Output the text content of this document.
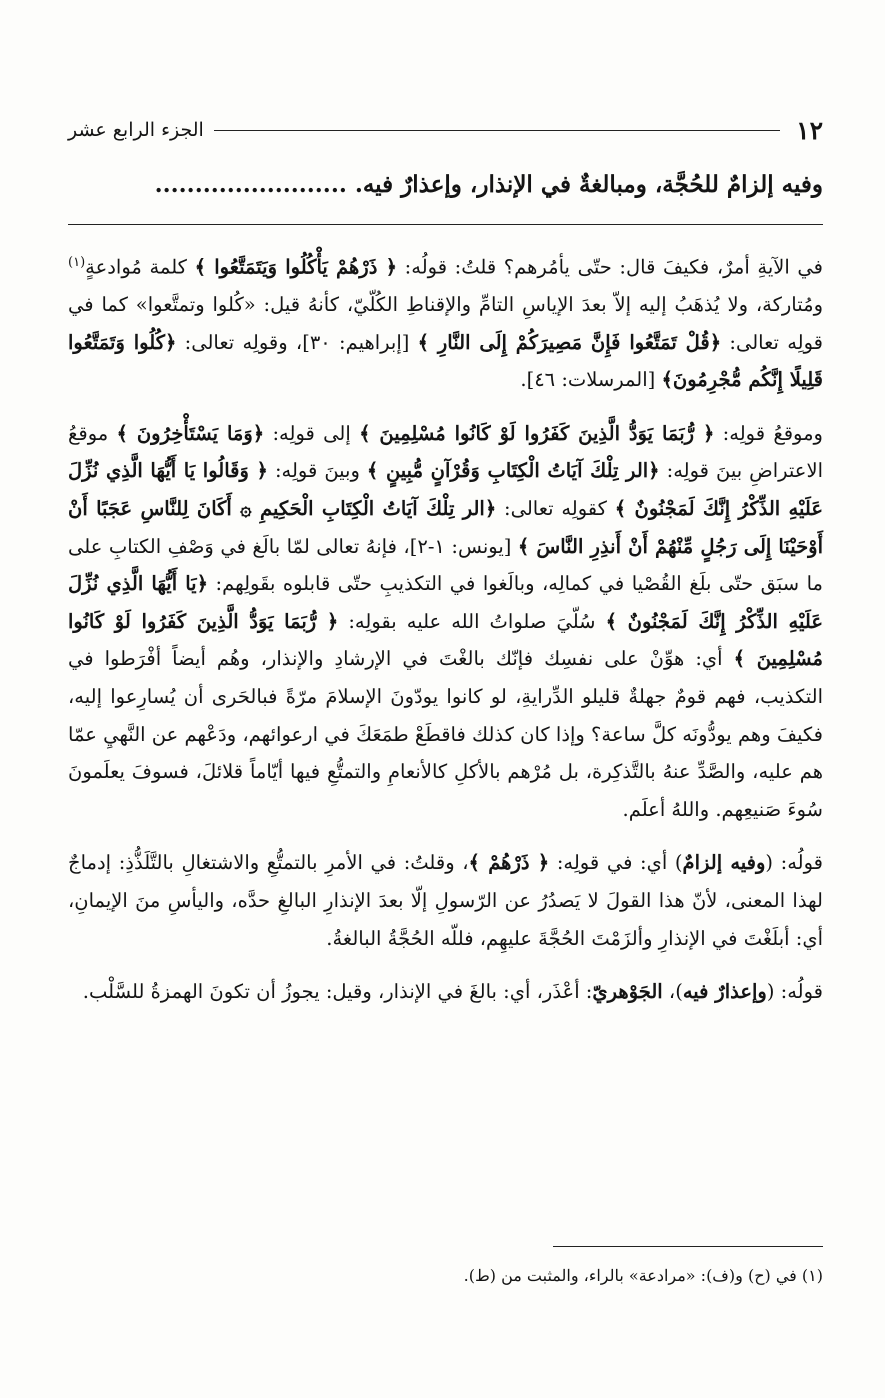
١٢
الجزء الرابع عشر
وفيه إلزامٌ للحُجَّة، ومبالغةٌ في الإنذار، وإعذارٌ فيه. ........................

في الآيةِ أمرٌ، فكيفَ قال: حتّى يأمُرهم؟ قلتُ: قولُه: ﴿ ذَرْهُمْ يَأْكُلُوا وَيَتَمَتَّعُوا ﴾ كلمة مُوادعةٍ$^{(١)}$ ومُتاركة، ولا يُذهَبُ إليه إلاّ بعدَ الإياسِ التامِّ والإقناطِ الكُلّيّ، كأنهُ قيل: «كُلوا وتمتَّعوا» كما في قولِه تعالى: ﴿قُلْ تَمَتَّعُوا فَإِنَّ مَصِيرَكُمْ إِلَى النَّارِ ﴾ [إبراهيم: ٣٠]، وقولِه تعالى: ﴿كُلُوا وَتَمَتَّعُوا قَلِيلًا إِنَّكُم مُّجْرِمُونَ﴾ [المرسلات: ٤٦].

وموقعُ قولِه: ﴿ رُّبَمَا يَوَدُّ الَّذِينَ كَفَرُوا لَوْ كَانُوا مُسْلِمِينَ ﴾ إلى قولِه: ﴿وَمَا يَسْتَأْخِرُونَ ﴾ موقعُ الاعتراضِ بينَ قولِه: ﴿الر تِلْكَ آيَاتُ الْكِتَابِ وَقُرْآنٍ مُّبِينٍ ﴾ وبينَ قولِه: ﴿ وَقَالُوا يَا أَيُّهَا الَّذِي نُزِّلَ عَلَيْهِ الذِّكْرُ إِنَّكَ لَمَجْنُونٌ ﴾ كقولِه تعالى: ﴿الر تِلْكَ آيَاتُ الْكِتَابِ الْحَكِيمِ ۞ أَكَانَ لِلنَّاسِ عَجَبًا أَنْ أَوْحَيْنَا إِلَى رَجُلٍ مِّنْهُمْ أَنْ أَنذِرِ النَّاسَ ﴾ [يونس: ١-٢]، فإنهُ تعالى لمّا بالَغ في وَصْفِ الكتابِ على ما سبَق حتّى بلَغ القُصْيا في كمالِه، وبالَغوا في التكذيبِ حتّى قابلوه بقَولِهم: ﴿يَا أَيُّهَا الَّذِي نُزِّلَ عَلَيْهِ الذِّكْرُ إِنَّكَ لَمَجْنُونٌ ﴾ سُلّيَ صلواتُ الله عليه بقولِه: ﴿ رُّبَمَا يَوَدُّ الَّذِينَ كَفَرُوا لَوْ كَانُوا مُسْلِمِينَ ﴾ أي: هوِّنْ على نفسِك فإنّك بالغْتَ في الإرشادِ والإنذار، وهُم أيضاً أفْرَطوا في التكذيب، فهم قومٌ جهلةٌ قليلو الدِّرايةِ، لو كانوا يودّونَ الإسلامَ مرّةً فبالحَرى أن يُسارِعوا إليه، فكيفَ وهم يودُّونَه كلَّ ساعة؟ وإذا كان كذلك فاقطَعْ طمَعَكَ في ارعوائهم، ودَعْهم عن النَّهيِ عمّا هم عليه، والصَّدِّ عنهُ بالتَّذكِرة، بل مُرْهم بالأكلِ كالأنعامِ والتمتُّعِ فيها أيّاماً قلائلَ، فسوفَ يعلَمونَ سُوءَ صَنيعِهم. واللهُ أعلَم.

قولُه: (وفيه إلزامٌ) أي: في قولِه: ﴿ ذَرْهُمْ ﴾، وقلتُ: في الأمرِ بالتمتُّعِ والاشتغالِ بالتَّلَذُّذِ: إدماجٌ لهذا المعنى، لأنّ هذا القولَ لا يَصدُرُ عن الرّسولِ إلّا بعدَ الإنذارِ البالغِ حدَّه، واليأسِ منَ الإيمانِ، أي: أبلَغْتَ في الإنذارِ وألزَمْتَ الحُجَّةَ عليهِم، فللّه الحُجَّةُ البالغةُ.

قولُه: (وإعذارٌ فيه)، الجَوْهريّ: أعْذَر، أي: بالغَ في الإنذار، وقيل: يجوزُ أن تكونَ الهمزةُ للسَّلْب.

(١) في (ح) و(ف): «مرادعة» بالراء، والمثبت من (ط).
